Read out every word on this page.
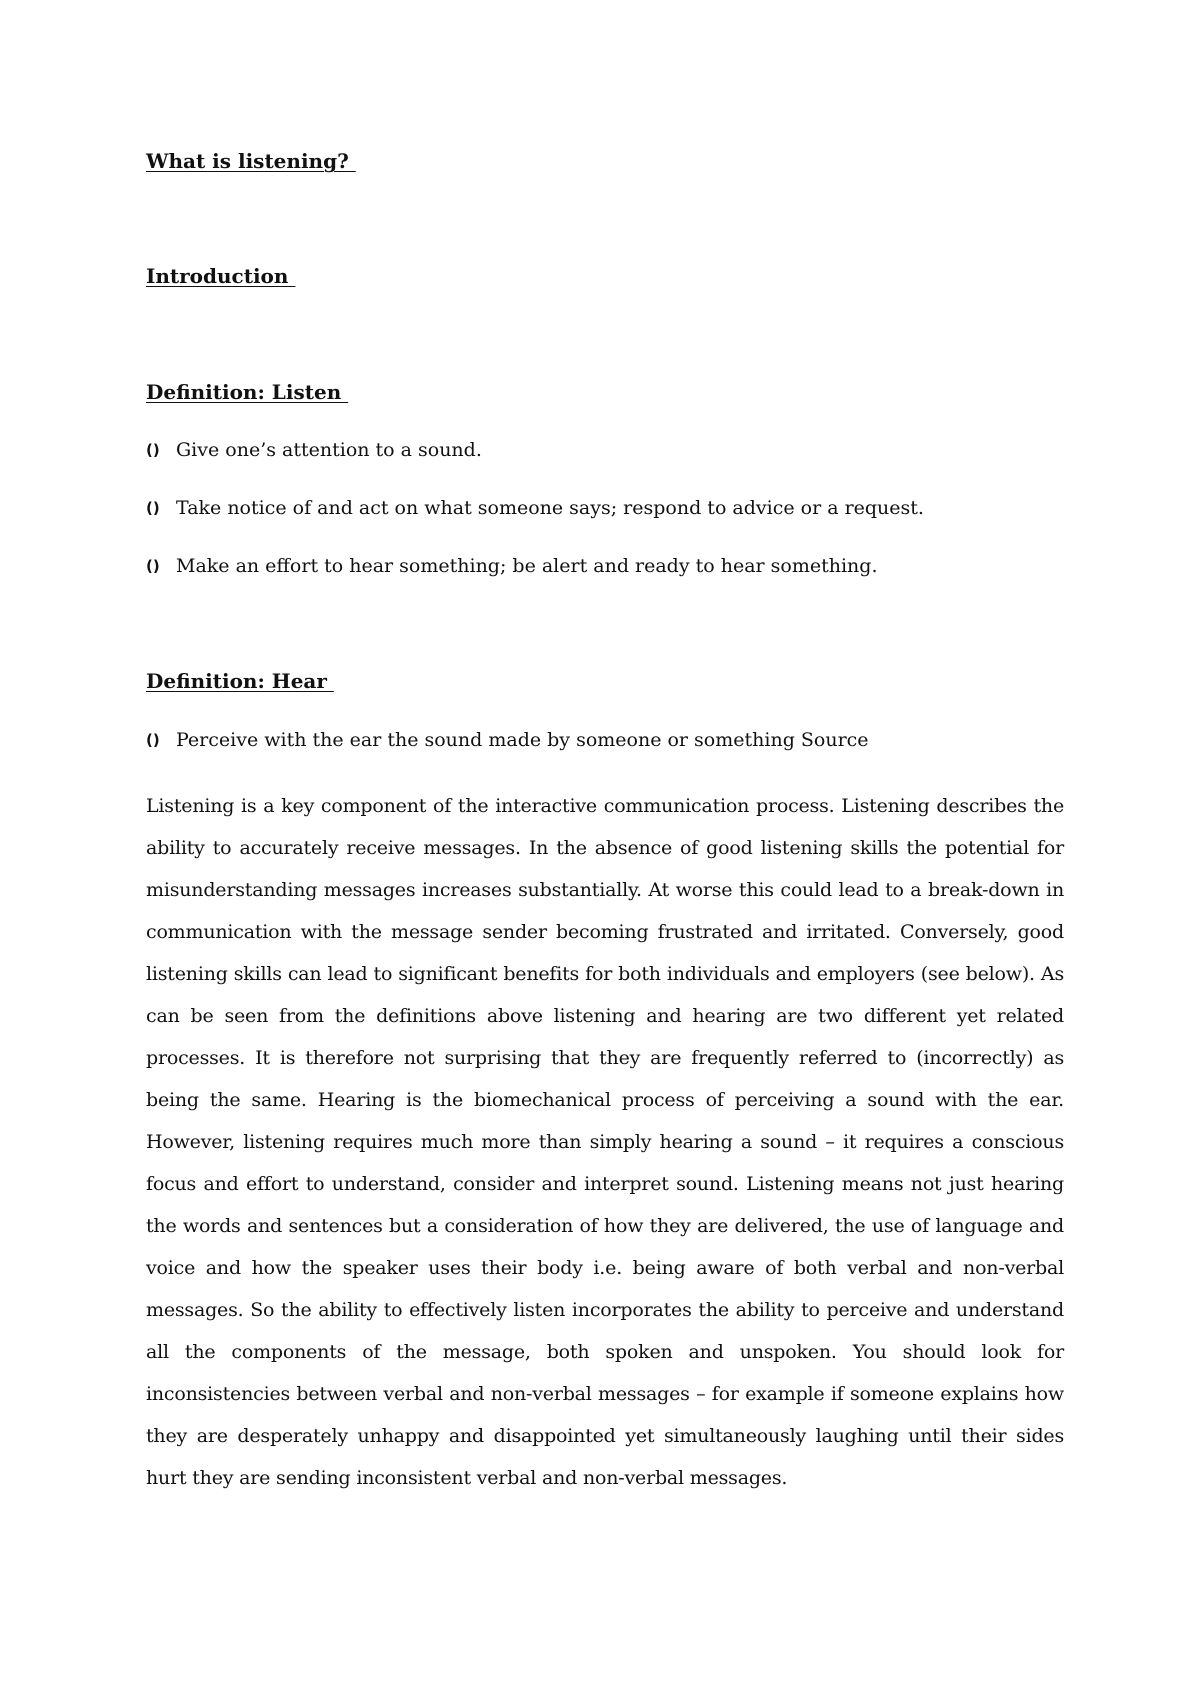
What is listening?
Introduction
Definition: Listen
() Give one’s attention to a sound.
() Take notice of and act on what someone says; respond to advice or a request.
() Make an effort to hear something; be alert and ready to hear something.
Definition: Hear
() Perceive with the ear the sound made by someone or something Source

Listening is a key component of the interactive communication process. Listening describes the ability to accurately receive messages. In the absence of good listening skills the potential for misunderstanding messages increases substantially. At worse this could lead to a break-down in communication with the message sender becoming frustrated and irritated. Conversely, good listening skills can lead to significant benefits for both individuals and employers (see below). As can be seen from the definitions above listening and hearing are two different yet related processes. It is therefore not surprising that they are frequently referred to (incorrectly) as being the same. Hearing is the biomechanical process of perceiving a sound with the ear. However, listening requires much more than simply hearing a sound – it requires a conscious focus and effort to understand, consider and interpret sound. Listening means not just hearing the words and sentences but a consideration of how they are delivered, the use of language and voice and how the speaker uses their body i.e. being aware of both verbal and non-verbal messages. So the ability to effectively listen incorporates the ability to perceive and understand all the components of the message, both spoken and unspoken. You should look for inconsistencies between verbal and non-verbal messages – for example if someone explains how they are desperately unhappy and disappointed yet simultaneously laughing until their sides hurt they are sending inconsistent verbal and non-verbal messages.
